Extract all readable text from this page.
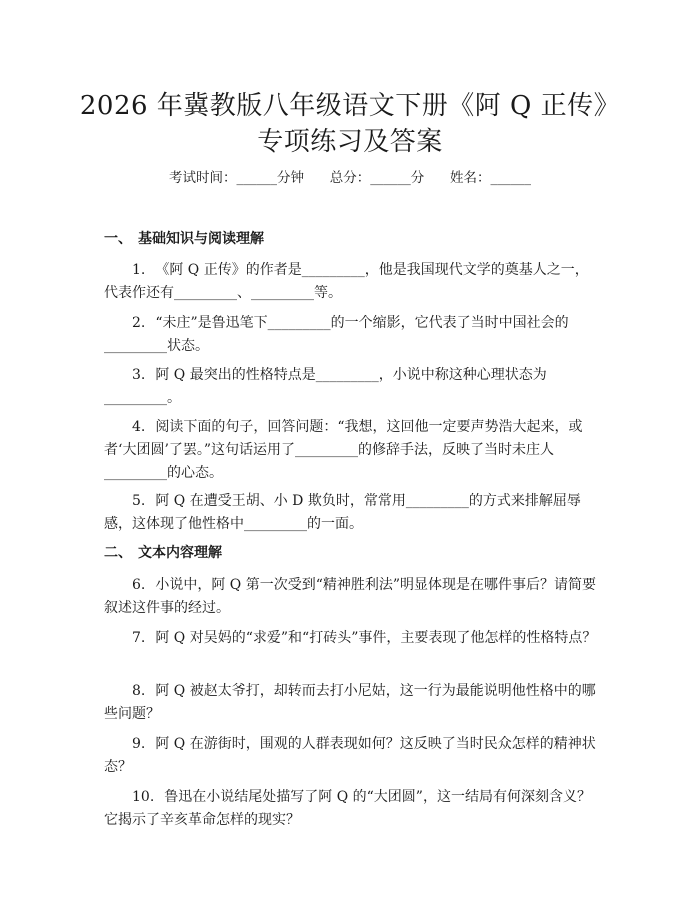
2026 年冀教版八年级语文下册《阿 Q 正传》
专项练习及答案
考试时间：______分钟      总分：______分      姓名：______
一、 基础知识与阅读理解
1. 《阿 Q 正传》的作者是_________，他是我国现代文学的奠基人之一，代表作还有_________、_________等。
2. “未庄”是鲁迅笔下_________的一个缩影，它代表了当时中国社会的_________状态。
3. 阿 Q 最突出的性格特点是_________，小说中称这种心理状态为_________。
4. 阅读下面的句子，回答问题：“我想，这回他一定要声势浩大起来，或者‘大团圆’了罢。”这句话运用了_________的修辞手法，反映了当时未庄人_________的心态。
5. 阿 Q 在遭受王胡、小 D 欺负时，常常用_________的方式来排解屈辱感，这体现了他性格中_________的一面。
二、 文本内容理解
6. 小说中，阿 Q 第一次受到“精神胜利法”明显体现是在哪件事后？请简要叙述这件事的经过。
7. 阿 Q 对吴妈的“求爱”和“打砖头”事件，主要表现了他怎样的性格特点？
8. 阿 Q 被赵太爷打，却转而去打小尼姑，这一行为最能说明他性格中的哪些问题？
9. 阿 Q 在游街时，围观的人群表现如何？这反映了当时民众怎样的精神状态？
10. 鲁迅在小说结尾处描写了阿 Q 的“大团圆”，这一结局有何深刻含义？它揭示了辛亥革命怎样的现实？
